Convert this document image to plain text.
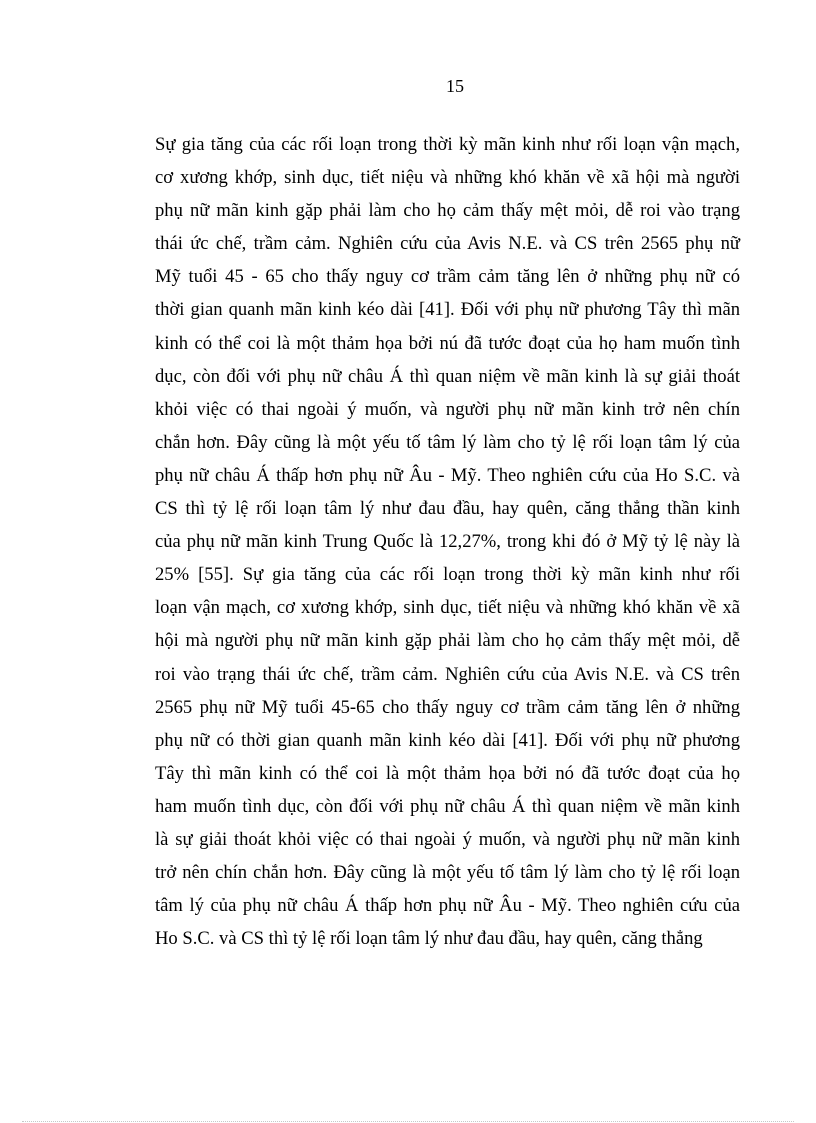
15
Sự gia tăng của các rối loạn trong thời kỳ mãn kinh như rối loạn vận mạch,
cơ xương khớp, sinh dục, tiết niệu và những khó khăn về xã hội mà người
phụ nữ mãn kinh gặp phải làm cho họ cảm thấy mệt mỏi, dễ roi vào trạng
thái ức chế, trầm cảm. Nghiên cứu của Avis N.E. và CS trên 2565 phụ nữ
Mỹ tuổi 45 - 65 cho thấy nguy cơ trầm cảm tăng lên ở những phụ nữ có
thời gian quanh mãn kinh kéo dài [41]. Đối với phụ nữ phương Tây thì mãn
kinh có thể coi là một thảm họa bởi nú đã tước đoạt của họ ham muốn tình
dục, còn đối với phụ nữ châu Á thì quan niệm về mãn kinh là sự giải thoát
khỏi việc có thai ngoài ý muốn, và người phụ nữ mãn kinh trở nên chín
chắn hơn. Đây cũng là một yếu tố tâm lý làm cho tỷ lệ rối loạn tâm lý của
phụ nữ châu Á thấp hơn phụ nữ Âu - Mỹ. Theo nghiên cứu của Ho S.C. và
CS thì tỷ lệ rối loạn tâm lý như đau đầu, hay quên, căng thẳng thần kinh
của phụ nữ mãn kinh Trung Quốc là 12,27%, trong khi đó ở Mỹ tỷ lệ này là
25% [55]. Sự gia tăng của các rối loạn trong thời kỳ mãn kinh như rối
loạn vận mạch, cơ xương khớp, sinh dục, tiết niệu và những khó khăn về xã
hội mà người phụ nữ mãn kinh gặp phải làm cho họ cảm thấy mệt mỏi, dễ
roi vào trạng thái ức chế, trầm cảm. Nghiên cứu của Avis N.E. và CS trên
2565 phụ nữ Mỹ tuổi 45-65 cho thấy nguy cơ trầm cảm tăng lên ở những
phụ nữ có thời gian quanh mãn kinh kéo dài [41]. Đối với phụ nữ phương
Tây thì mãn kinh có thể coi là một thảm họa bởi nó đã tước đoạt của họ
ham muốn tình dục, còn đối với phụ nữ châu Á thì quan niệm về mãn kinh
là sự giải thoát khỏi việc có thai ngoài ý muốn, và người phụ nữ mãn kinh
trở nên chín chắn hơn. Đây cũng là một yếu tố tâm lý làm cho tỷ lệ rối loạn
tâm lý của phụ nữ châu Á thấp hơn phụ nữ Âu - Mỹ. Theo nghiên cứu của
Ho S.C. và CS thì tỷ lệ rối loạn tâm lý như đau đầu, hay quên, căng thẳng
